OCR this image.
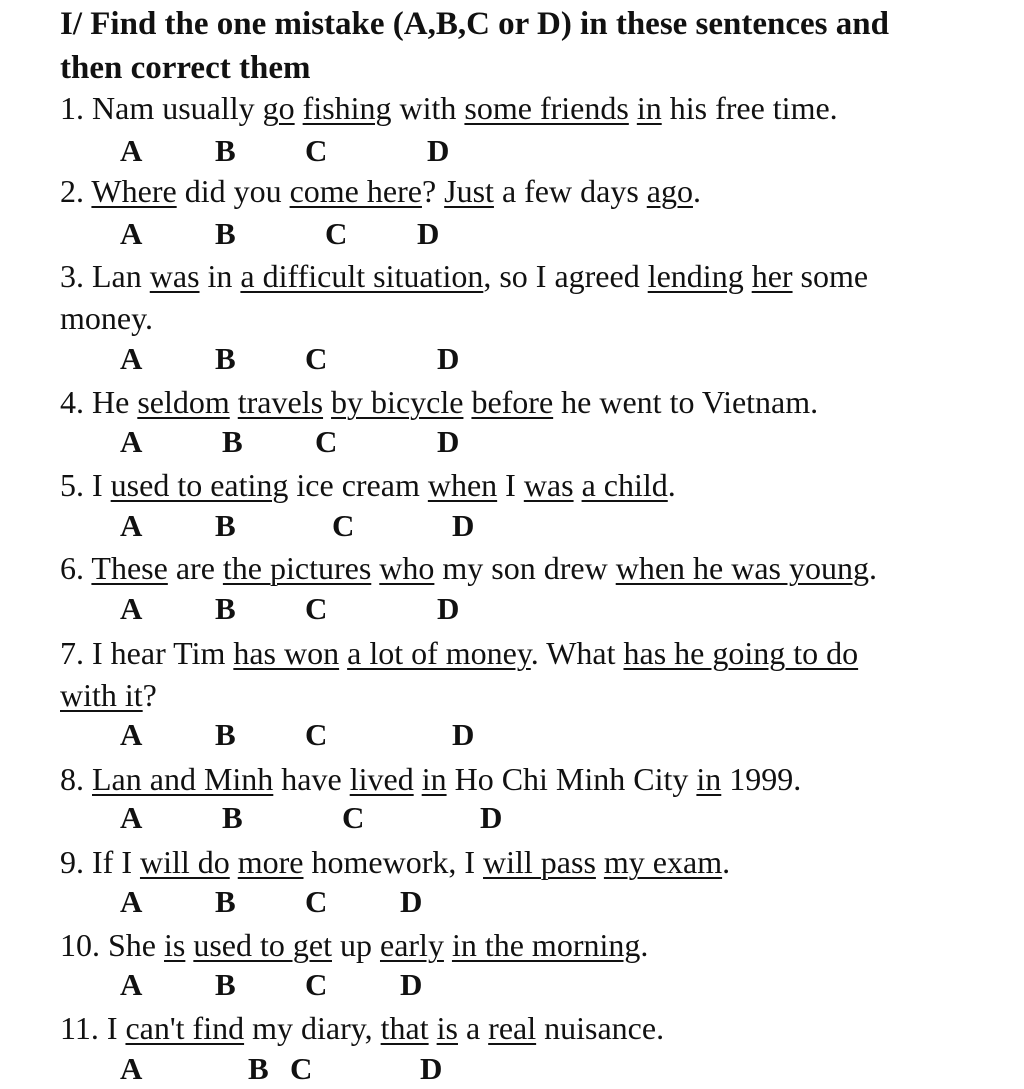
I/ Find the one mistake (A,B,C or D) in these sentences and
then correct them
1. Nam usually go fishing with some friends in his free time.
2. Where did you come here? Just a few days ago.
3. Lan was in a difficult situation, so I agreed lending her some
money.
4. He seldom travels by bicycle before he went to Vietnam.
5. I used to eating ice cream when I was a child.
6. These are the pictures who my son drew when he was young.
7. I hear Tim has won a lot of money. What has he going to do
with it?
8. Lan and Minh have lived in Ho Chi Minh City in 1999.
9. If I will do more homework, I will pass my exam.
10. She is used to get up early in the morning.
11. I can't find my diary, that is a real nuisance.
A B C	D
A B	C D
A B C	D
A	B C	D
A B	C	D
A B C	D
A B C	D
A	B	C	D
A B C D
A B C D
A	B C	D
